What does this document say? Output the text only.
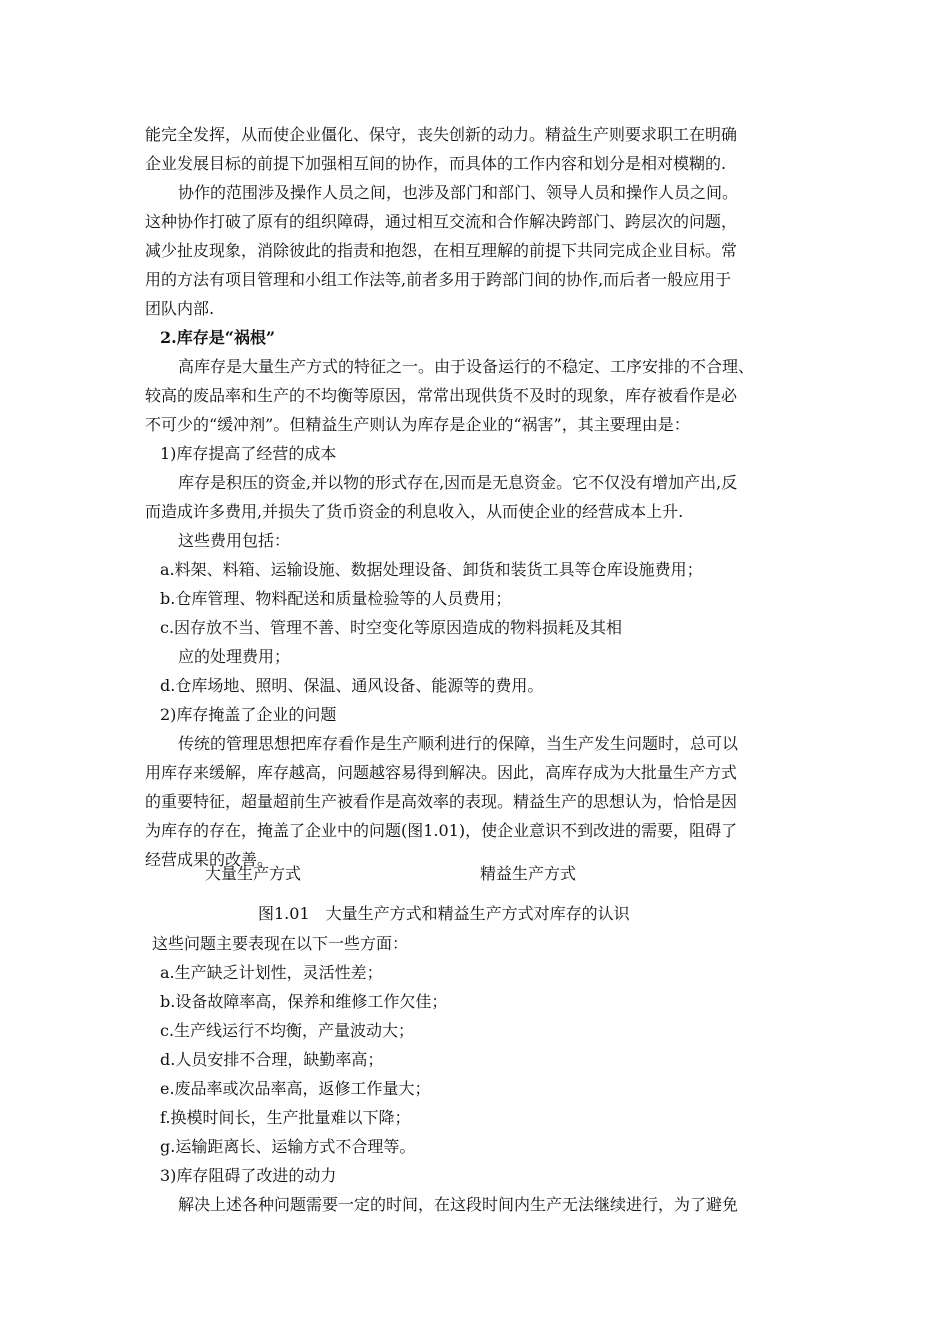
能完全发挥，从而使企业僵化、保守，丧失创新的动力。精益生产则要求职工在明确
企业发展目标的前提下加强相互间的协作，而具体的工作内容和划分是相对模糊的.
协作的范围涉及操作人员之间，也涉及部门和部门、领导人员和操作人员之间。
这种协作打破了原有的组织障碍，通过相互交流和合作解决跨部门、跨层次的问题，
减少扯皮现象，消除彼此的指责和抱怨，在相互理解的前提下共同完成企业目标。常
用的方法有项目管理和小组工作法等,前者多用于跨部门间的协作,而后者一般应用于
团队内部.
2.库存是“祸根”
高库存是大量生产方式的特征之一。由于设备运行的不稳定、工序安排的不合理、
较高的废品率和生产的不均衡等原因，常常出现供货不及时的现象，库存被看作是必
不可少的“缓冲剂”。但精益生产则认为库存是企业的“祸害”，其主要理由是：
1)库存提高了经营的成本
库存是积压的资金,并以物的形式存在,因而是无息资金。它不仅没有增加产出,反
而造成许多费用,并损失了货币资金的利息收入，从而使企业的经营成本上升.
这些费用包括：
a.料架、料箱、运输设施、数据处理设备、卸货和装货工具等仓库设施费用；
b.仓库管理、物料配送和质量检验等的人员费用；
c.因存放不当、管理不善、时空变化等原因造成的物料损耗及其相
应的处理费用；
d.仓库场地、照明、保温、通风设备、能源等的费用。
2)库存掩盖了企业的问题
传统的管理思想把库存看作是生产顺利进行的保障，当生产发生问题时，总可以
用库存来缓解，库存越高，问题越容易得到解决。因此，高库存成为大批量生产方式
的重要特征，超量超前生产被看作是高效率的表现。精益生产的思想认为，恰恰是因
为库存的存在，掩盖了企业中的问题(图1.01)，使企业意识不到改进的需要，阻碍了
经营成果的改善。
大量生产方式	精益生产方式
图1.01　大量生产方式和精益生产方式对库存的认识
这些问题主要表现在以下一些方面：
a.生产缺乏计划性，灵活性差；
b.设备故障率高，保养和维修工作欠佳；
c.生产线运行不均衡，产量波动大；
d.人员安排不合理，缺勤率高；
e.废品率或次品率高，返修工作量大；
f.换模时间长，生产批量难以下降；
g.运输距离长、运输方式不合理等。
3)库存阻碍了改进的动力
解决上述各种问题需要一定的时间，在这段时间内生产无法继续进行，为了避免
